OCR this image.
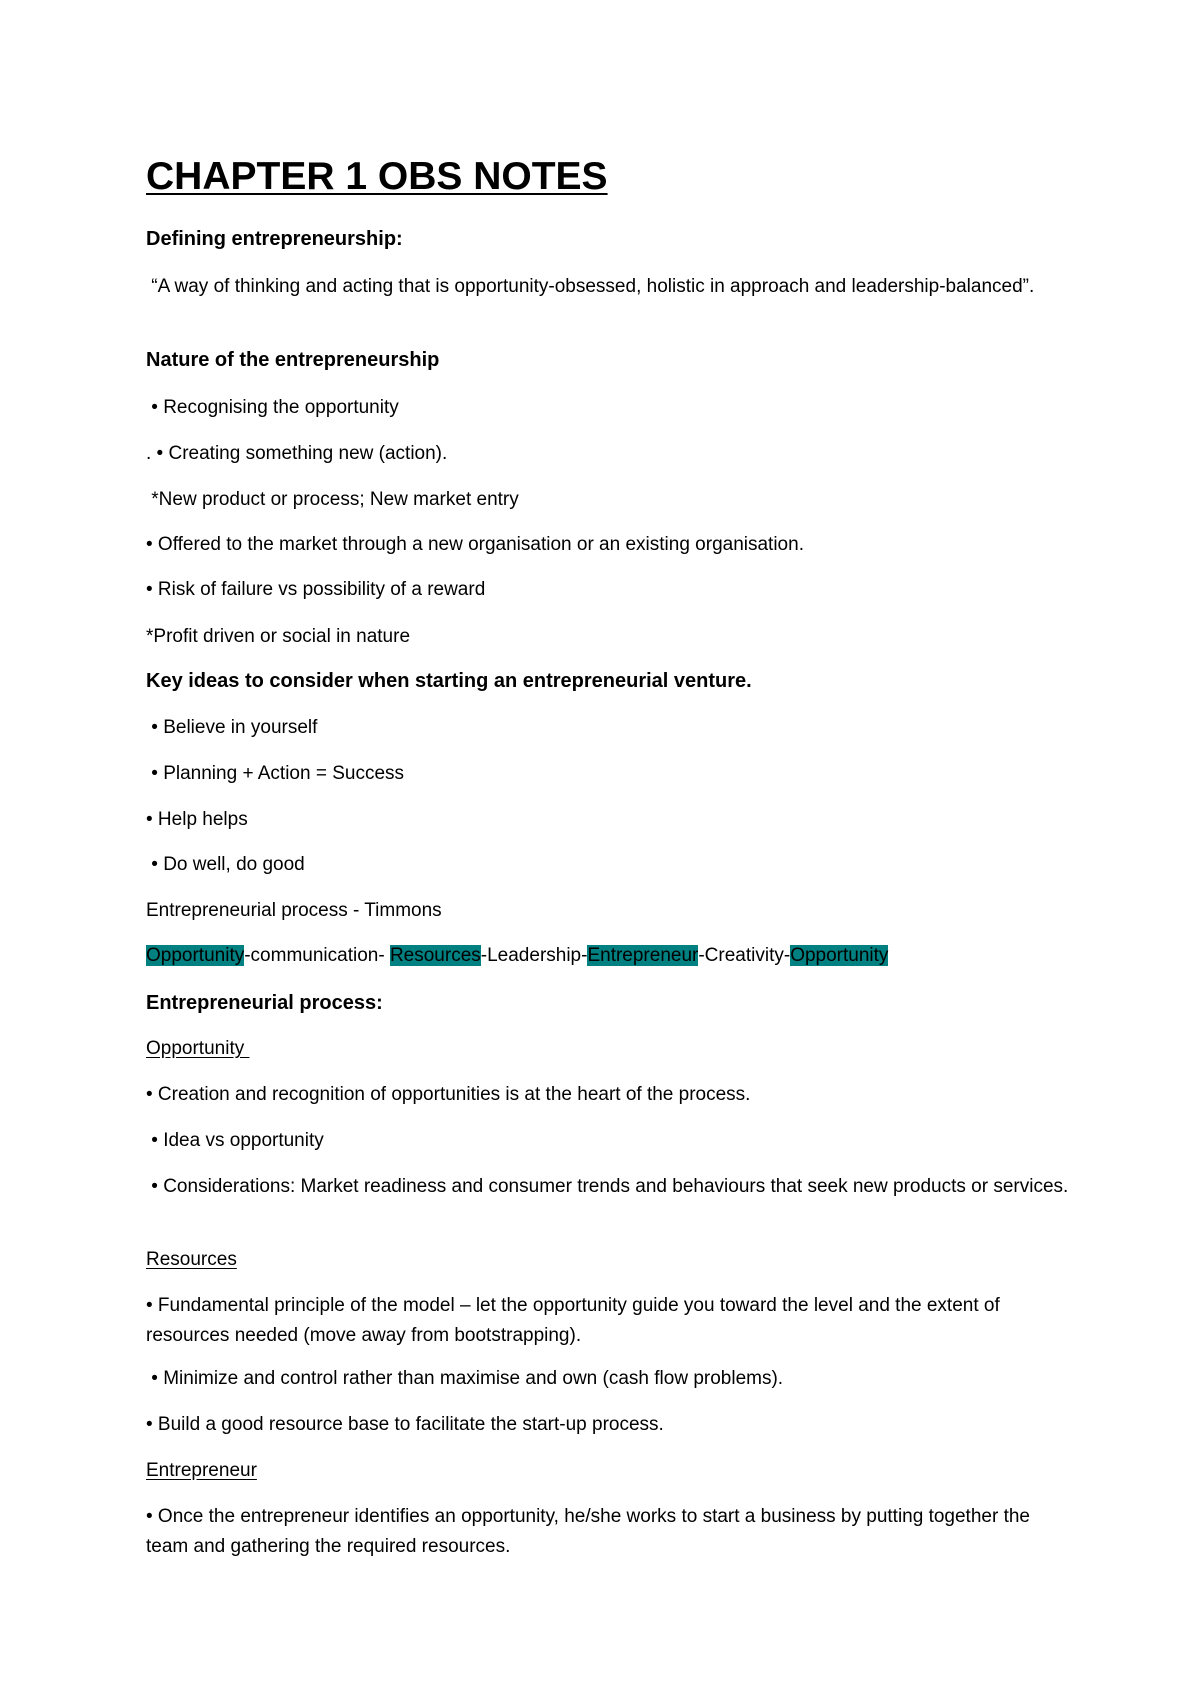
CHAPTER 1 OBS NOTES
Defining entrepreneurship:
“A way of thinking and acting that is opportunity-obsessed, holistic in approach and leadership-balanced”.
Nature of the entrepreneurship
• Recognising the opportunity
. • Creating something new (action).
*New product or process; New market entry
• Offered to the market through a new organisation or an existing organisation.
• Risk of failure vs possibility of a reward
*Profit driven or social in nature
Key ideas to consider when starting an entrepreneurial venture.
• Believe in yourself
• Planning + Action = Success
• Help helps
• Do well, do good
Entrepreneurial process - Timmons
Opportunity-communication- Resources-Leadership-Entrepreneur-Creativity-Opportunity
Entrepreneurial process:
Opportunity
• Creation and recognition of opportunities is at the heart of the process.
• Idea vs opportunity
• Considerations: Market readiness and consumer trends and behaviours that seek new products or services.
Resources
• Fundamental principle of the model – let the opportunity guide you toward the level and the extent of resources needed (move away from bootstrapping).
• Minimize and control rather than maximise and own (cash flow problems).
• Build a good resource base to facilitate the start-up process.
Entrepreneur
• Once the entrepreneur identifies an opportunity, he/she works to start a business by putting together the team and gathering the required resources.
